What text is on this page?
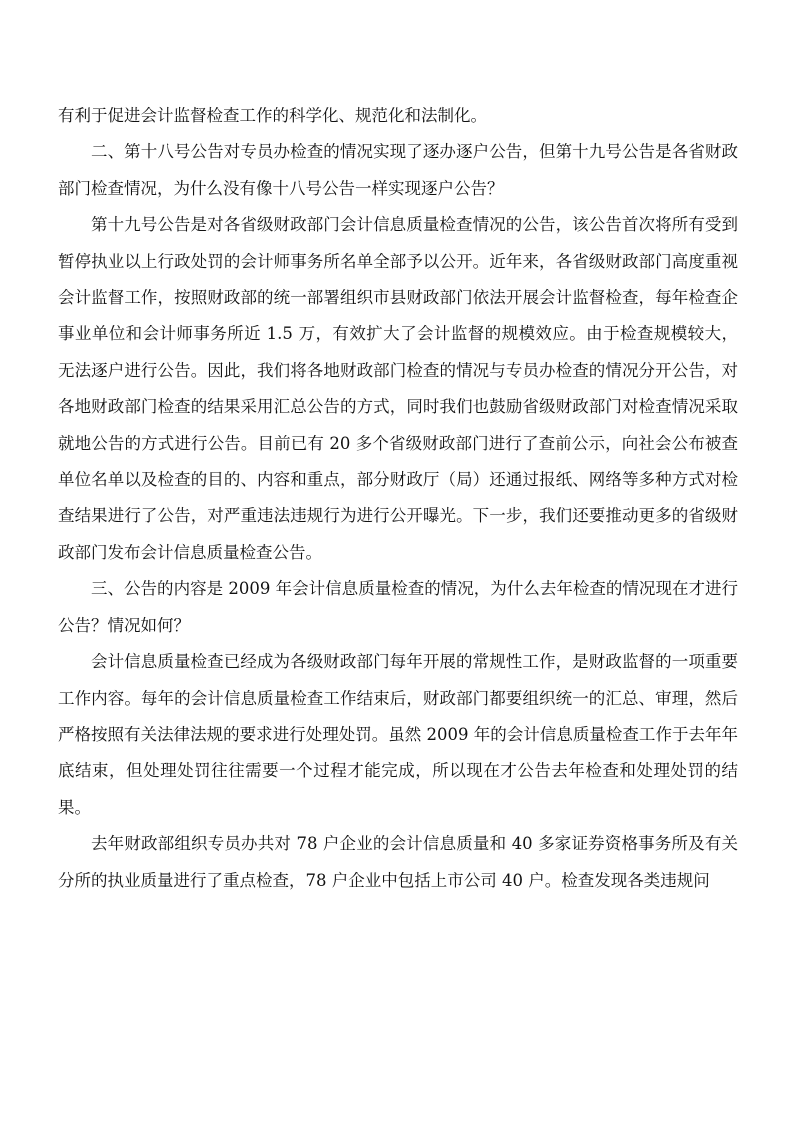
有利于促进会计监督检查工作的科学化、规范化和法制化。

二、第十八号公告对专员办检查的情况实现了逐办逐户公告，但第十九号公告是各省财政部门检查情况，为什么没有像十八号公告一样实现逐户公告？

第十九号公告是对各省级财政部门会计信息质量检查情况的公告，该公告首次将所有受到暂停执业以上行政处罚的会计师事务所名单全部予以公开。近年来，各省级财政部门高度重视会计监督工作，按照财政部的统一部署组织市县财政部门依法开展会计监督检查，每年检查企事业单位和会计师事务所近 1.5 万，有效扩大了会计监督的规模效应。由于检查规模较大，无法逐户进行公告。因此，我们将各地财政部门检查的情况与专员办检查的情况分开公告，对各地财政部门检查的结果采用汇总公告的方式，同时我们也鼓励省级财政部门对检查情况采取就地公告的方式进行公告。目前已有 20 多个省级财政部门进行了查前公示，向社会公布被查单位名单以及检查的目的、内容和重点，部分财政厅（局）还通过报纸、网络等多种方式对检查结果进行了公告，对严重违法违规行为进行公开曝光。下一步，我们还要推动更多的省级财政部门发布会计信息质量检查公告。

三、公告的内容是 2009 年会计信息质量检查的情况，为什么去年检查的情况现在才进行公告？情况如何？

会计信息质量检查已经成为各级财政部门每年开展的常规性工作，是财政监督的一项重要工作内容。每年的会计信息质量检查工作结束后，财政部门都要组织统一的汇总、审理，然后严格按照有关法律法规的要求进行处理处罚。虽然 2009 年的会计信息质量检查工作于去年年底结束，但处理处罚往往需要一个过程才能完成，所以现在才公告去年检查和处理处罚的结果。

去年财政部组织专员办共对 78 户企业的会计信息质量和 40 多家证券资格事务所及有关分所的执业质量进行了重点检查，78 户企业中包括上市公司 40 户。检查发现各类违规问
